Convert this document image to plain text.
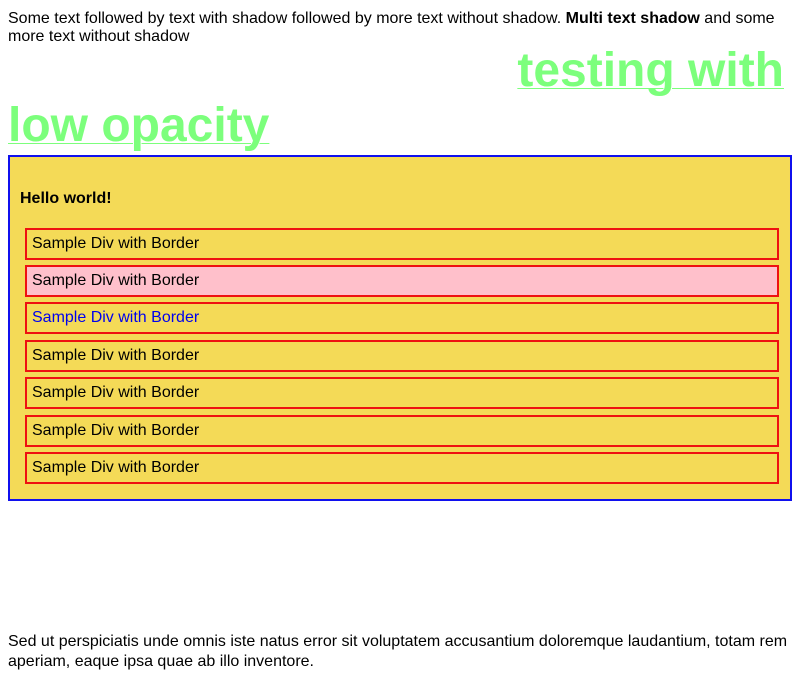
Some text followed by text with shadow followed by more text without shadow. Multi text shadow and some more text without shadow

testing with
low opacity
Hello world!
Sample Div with Border
Sample Div with Border
Sample Div with Border
Sample Div with Border
Sample Div with Border
Sample Div with Border
Sample Div with Border

Sed ut perspiciatis unde omnis iste natus error sit voluptatem accusantium doloremque laudantium, totam rem aperiam, eaque ipsa quae ab illo inventore.
